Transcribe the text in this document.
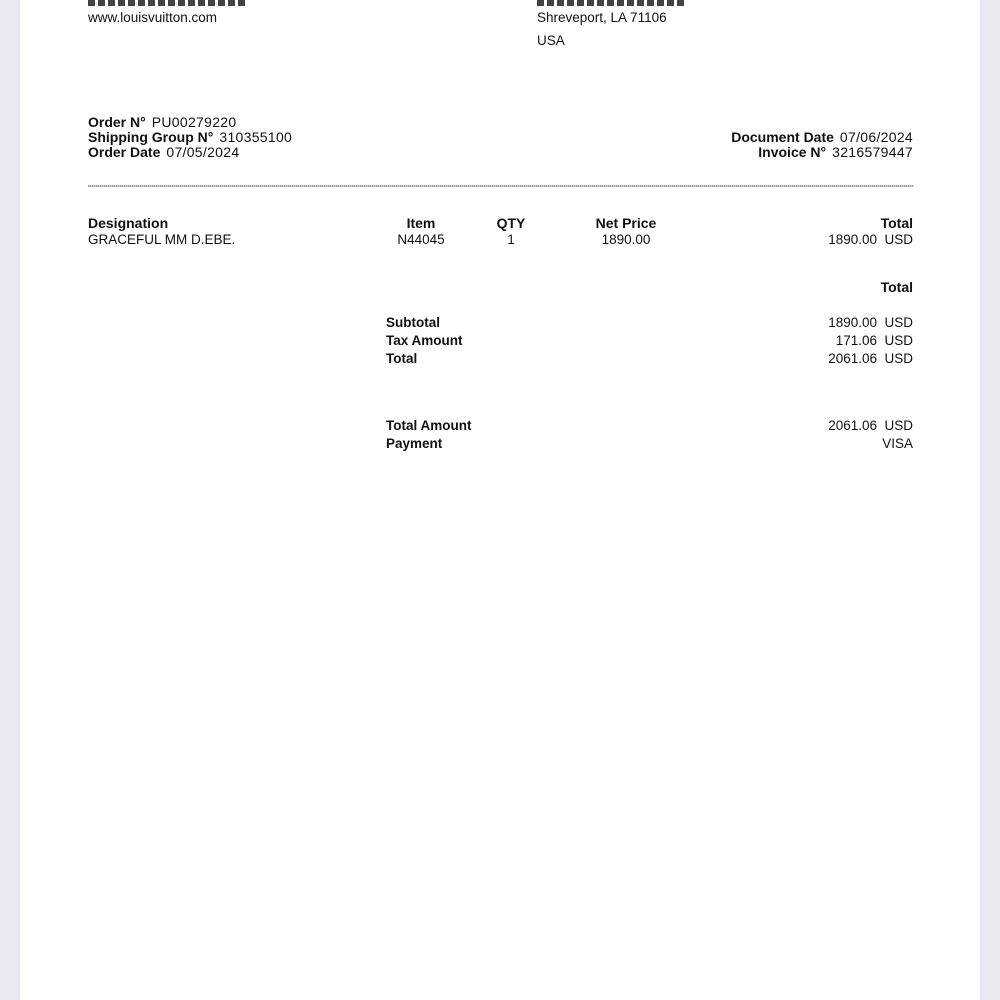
www.louisvuitton.com	Shreveport, LA 71106
USA
Order N° PU00279220
Shipping Group N° 310355100
Order Date 07/05/2024
Document Date 07/06/2024
Invoice N° 3216579447
Designation	Item	QTY	Net Price	Total
GRACEFUL MM D.EBE.	N44045	1	1890.00	1890.00  USD
Total
Subtotal	1890.00  USD
Tax Amount	171.06  USD
Total	2061.06  USD
Total Amount	2061.06  USD
Payment	VISA
